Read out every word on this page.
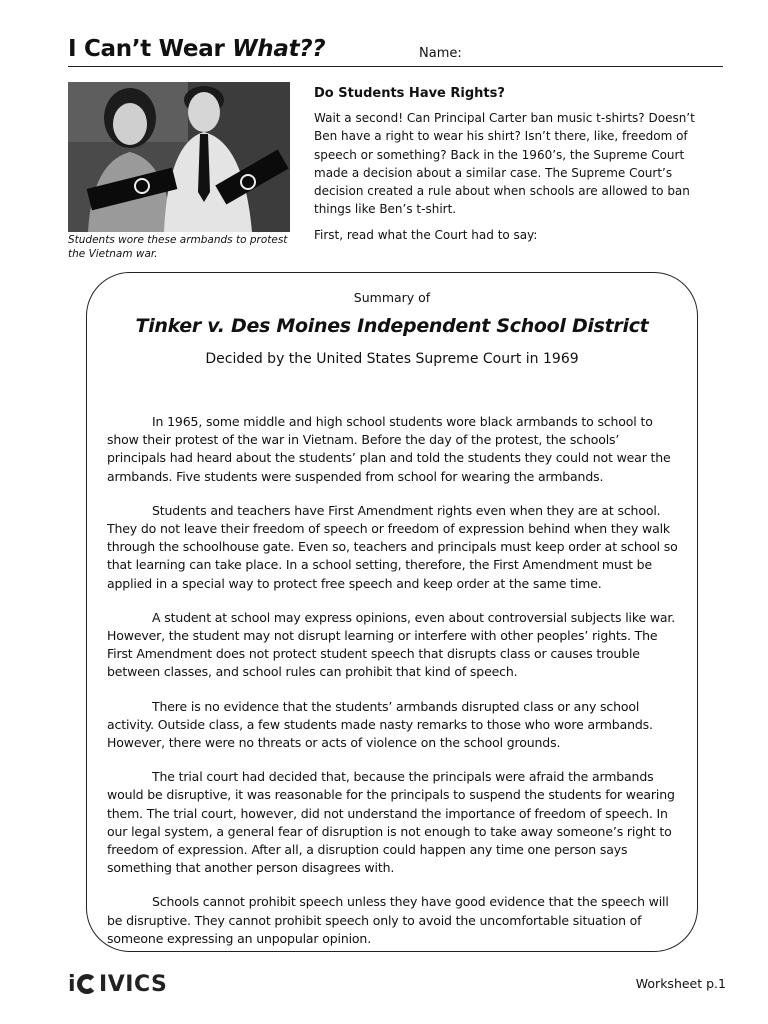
I Can’t Wear What??	Name:
Students wore these armbands to protest the Vietnam war.
Do Students Have Rights?

Wait a second! Can Principal Carter ban music t-shirts? Doesn’t Ben have a right to wear his shirt? Isn’t there, like, freedom of speech or something? Back in the 1960’s, the Supreme Court made a decision about a similar case. The Supreme Court’s decision created a rule about when schools are allowed to ban things like Ben’s t-shirt.

First, read what the Court had to say:

Summary of
Tinker v. Des Moines Independent School District
Decided by the United States Supreme Court in 1969

In 1965, some middle and high school students wore black armbands to school to show their protest of the war in Vietnam. Before the day of the protest, the schools’ principals had heard about the students’ plan and told the students they could not wear the armbands. Five students were suspended from school for wearing the armbands.

Students and teachers have First Amendment rights even when they are at school. They do not leave their freedom of speech or freedom of expression behind when they walk through the schoolhouse gate. Even so, teachers and principals must keep order at school so that learning can take place. In a school setting, therefore, the First Amendment must be applied in a special way to protect free speech and keep order at the same time.

A student at school may express opinions, even about controversial subjects like war. However, the student may not disrupt learning or interfere with other peoples’ rights. The First Amendment does not protect student speech that disrupts class or causes trouble between classes, and school rules can prohibit that kind of speech.

There is no evidence that the students’ armbands disrupted class or any school activity. Outside class, a few students made nasty remarks to those who wore armbands. However, there were no threats or acts of violence on the school grounds.

The trial court had decided that, because the principals were afraid the armbands would be disruptive, it was reasonable for the principals to suspend the students for wearing them. The trial court, however, did not understand the importance of freedom of speech. In our legal system, a general fear of disruption is not enough to take away someone’s right to freedom of expression. After all, a disruption could happen any time one person says something that another person disagrees with.

Schools cannot prohibit speech unless they have good evidence that the speech will be disruptive. They cannot prohibit speech only to avoid the uncomfortable situation of someone expressing an unpopular opinion.

i IVICS	Worksheet p.1
